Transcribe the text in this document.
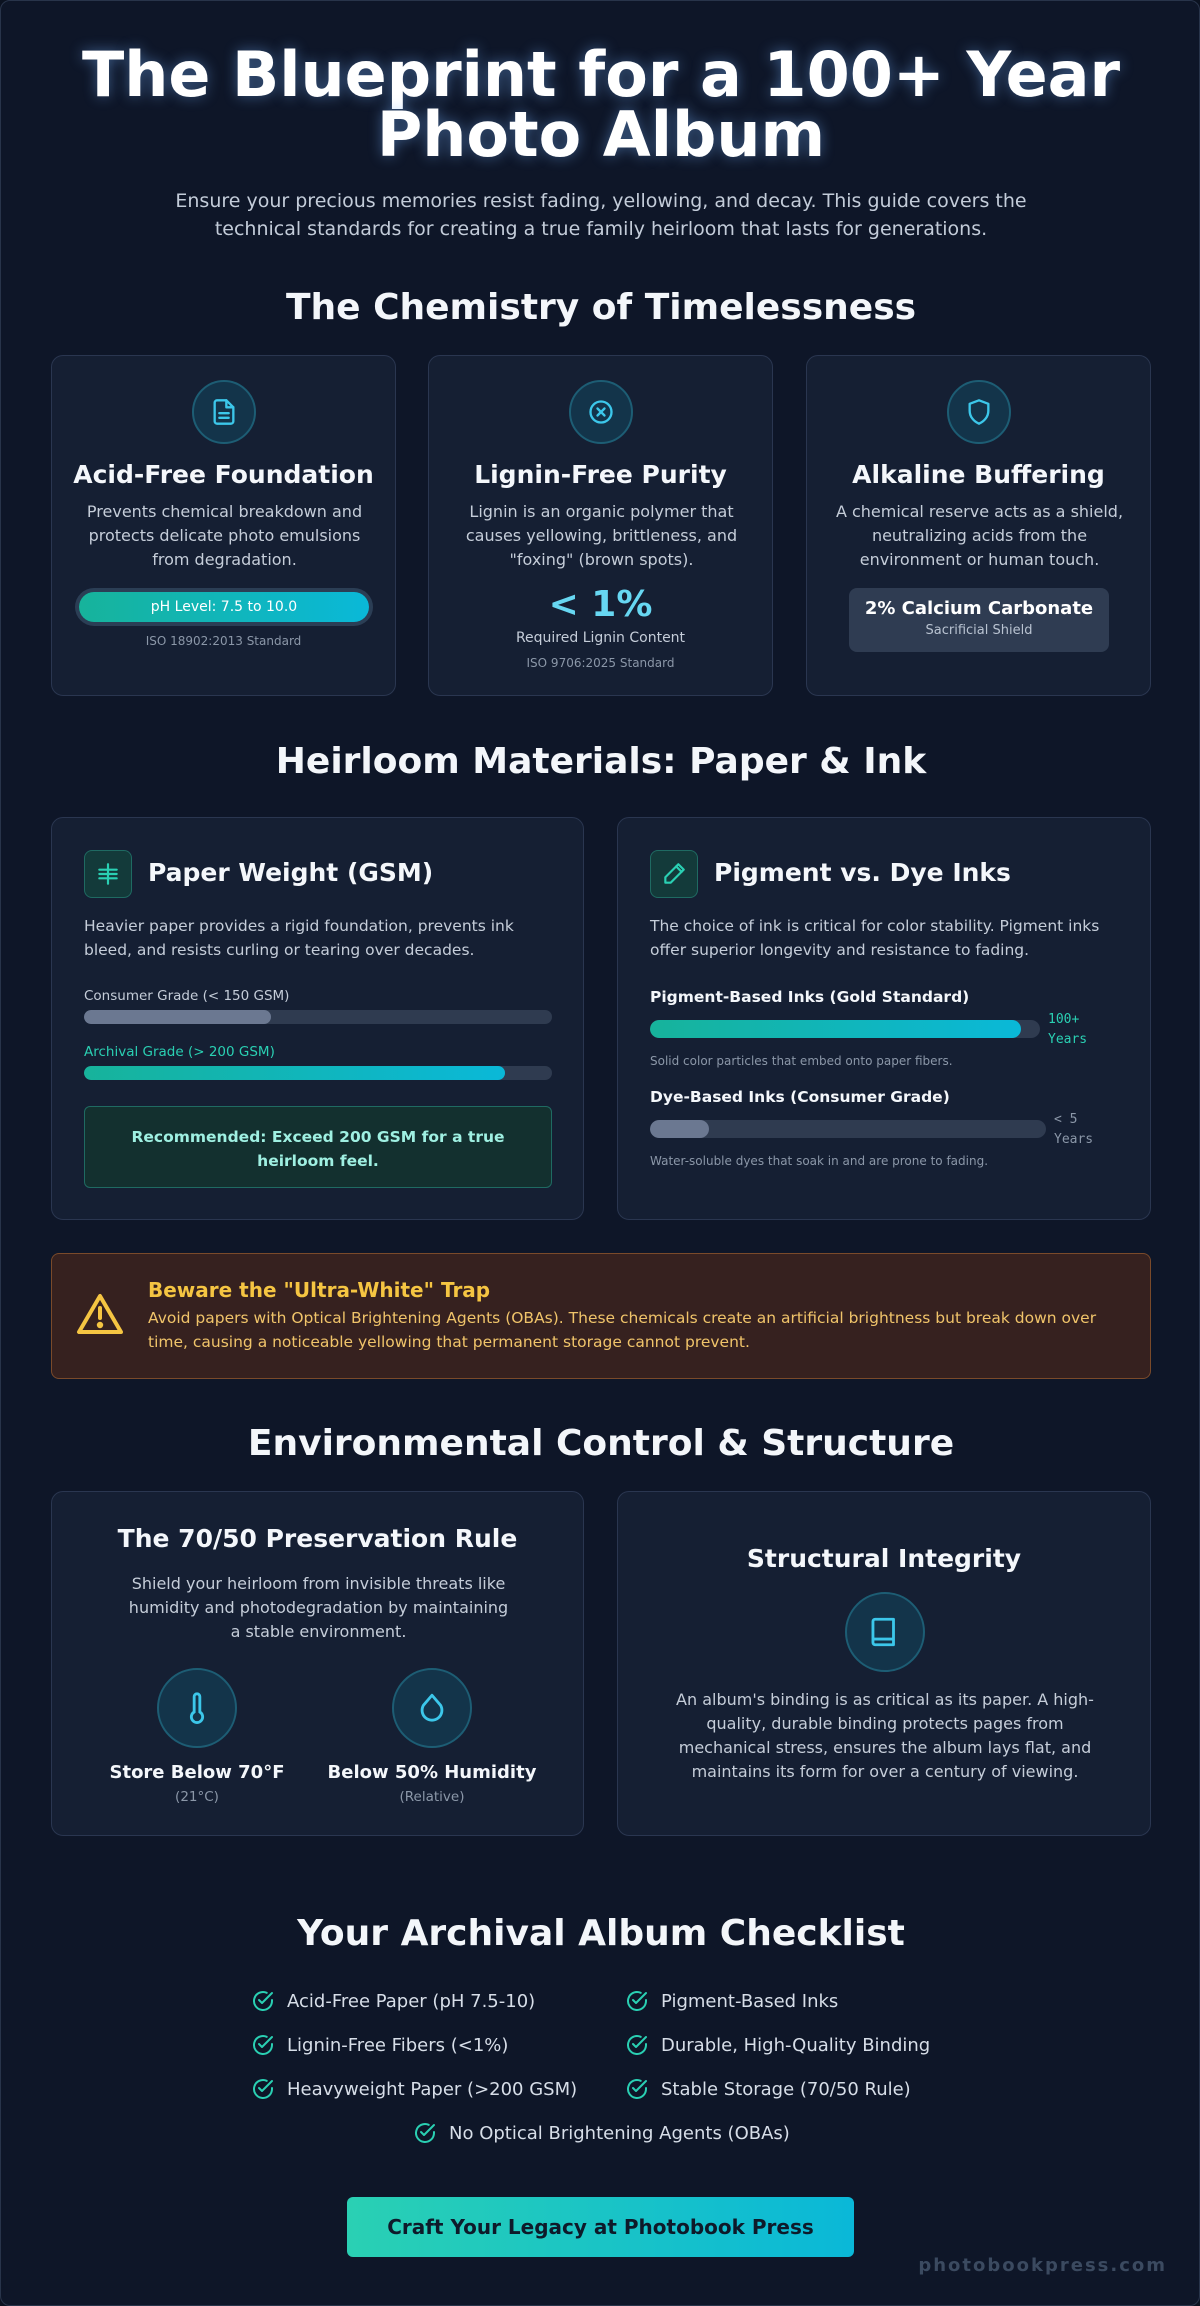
The Blueprint for a 100+ Year
Photo Album
Ensure your precious memories resist fading, yellowing, and decay. This guide covers the technical standards for creating a true family heirloom that lasts for generations.
The Chemistry of Timelessness
Acid-Free Foundation
Prevents chemical breakdown and protects delicate photo emulsions from degradation.
pH Level: 7.5 to 10.0
ISO 18902:2013 Standard
Lignin-Free Purity
Lignin is an organic polymer that causes yellowing, brittleness, and "foxing" (brown spots).
< 1%
Required Lignin Content
ISO 9706:2025 Standard
Alkaline Buffering
A chemical reserve acts as a shield, neutralizing acids from the environment or human touch.
2% Calcium Carbonate
Sacrificial Shield
Heirloom Materials: Paper & Ink
Paper Weight (GSM)
Heavier paper provides a rigid foundation, prevents ink bleed, and resists curling or tearing over decades.
Consumer Grade (< 150 GSM)
Archival Grade (> 200 GSM)
Recommended: Exceed 200 GSM for a true heirloom feel.
Pigment vs. Dye Inks
The choice of ink is critical for color stability. Pigment inks offer superior longevity and resistance to fading.
Pigment-Based Inks (Gold Standard)
100+
Years
Solid color particles that embed onto paper fibers.
Dye-Based Inks (Consumer Grade)
< 5
Years
Water-soluble dyes that soak in and are prone to fading.
Beware the "Ultra-White" Trap
Avoid papers with Optical Brightening Agents (OBAs). These chemicals create an artificial brightness but break down over time, causing a noticeable yellowing that permanent storage cannot prevent.
Environmental Control & Structure
The 70/50 Preservation Rule
Shield your heirloom from invisible threats like humidity and photodegradation by maintaining a stable environment.
Store Below 70°F
(21°C)
Below 50% Humidity
(Relative)
Structural Integrity
An album's binding is as critical as its paper. A high-quality, durable binding protects pages from mechanical stress, ensures the album lays flat, and maintains its form for over a century of viewing.
Your Archival Album Checklist
Acid-Free Paper (pH 7.5-10)	Pigment-Based Inks
Lignin-Free Fibers (<1%)	Durable, High-Quality Binding
Heavyweight Paper (>200 GSM)	Stable Storage (70/50 Rule)
No Optical Brightening Agents (OBAs)
Craft Your Legacy at Photobook Press
photobookpress.com
